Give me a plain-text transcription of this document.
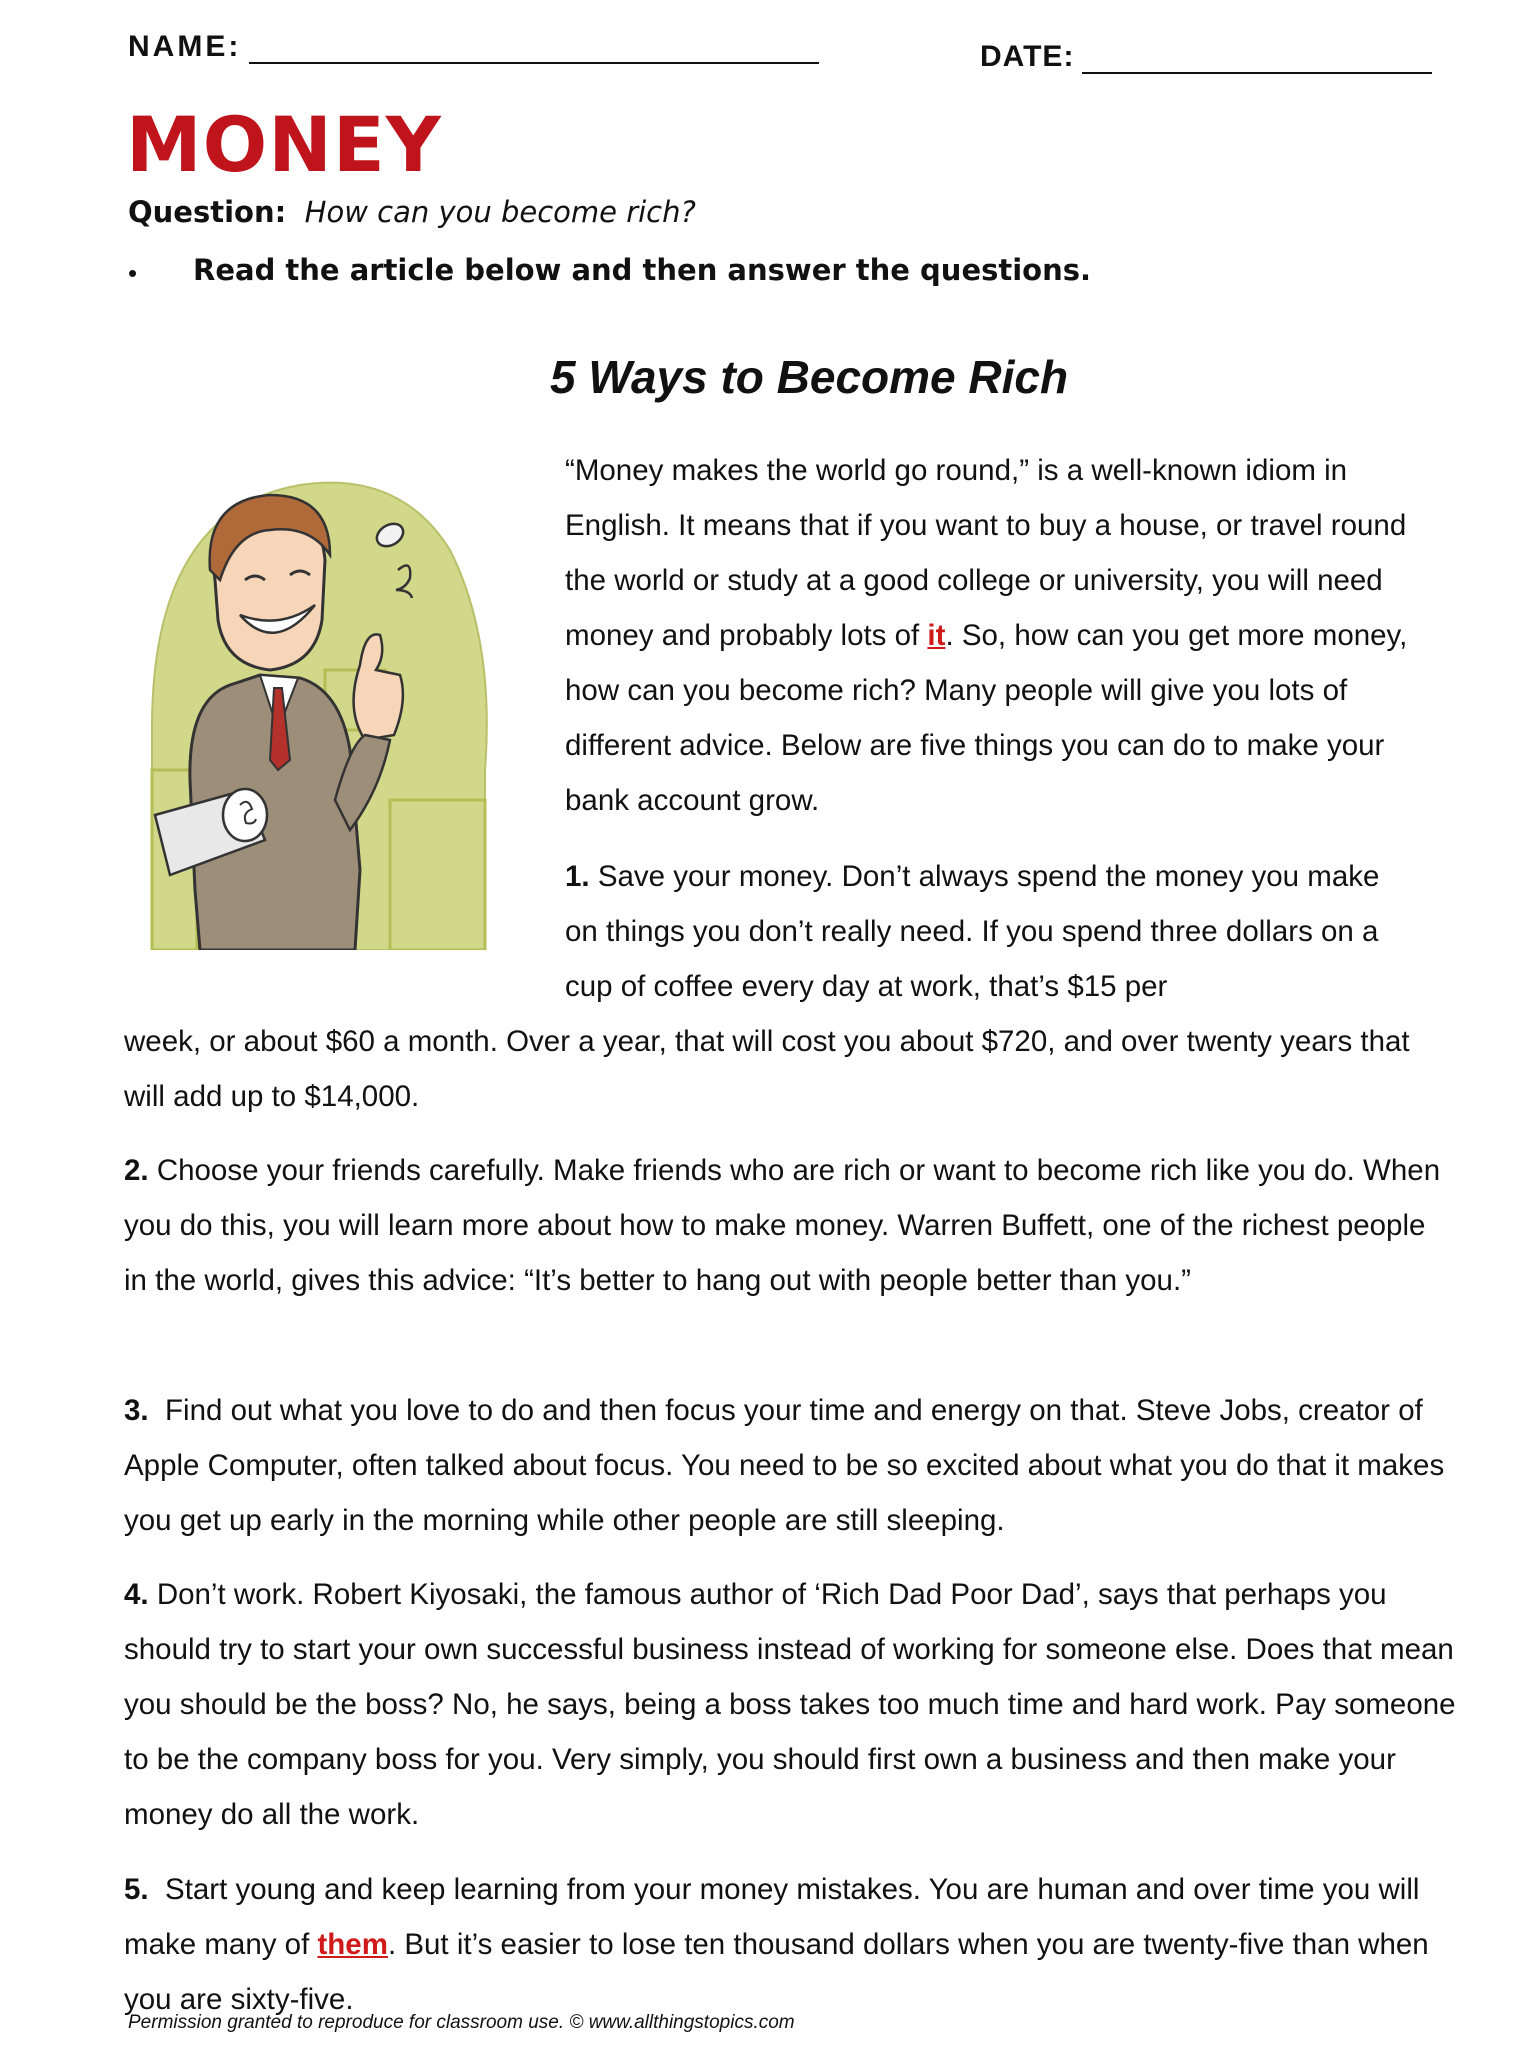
NAME:	DATE:
MONEY
Question: How can you become rich?
• Read the article below and then answer the questions.
5 Ways to Become Rich

“Money makes the world go round,” is a well-known idiom in English. It means that if you want to buy a house, or travel round the world or study at a good college or university, you will need money and probably lots of it. So, how can you get more money, how can you become rich? Many people will give you lots of different advice. Below are five things you can do to make your bank account grow.

1. Save your money. Don’t always spend the money you make on things you don’t really need. If you spend three dollars on a cup of coffee every day at work, that’s $15 per

week, or about $60 a month. Over a year, that will cost you about $720, and over twenty years that will add up to $14,000.

2. Choose your friends carefully. Make friends who are rich or want to become rich like you do. When you do this, you will learn more about how to make money. Warren Buffett, one of the richest people in the world, gives this advice: “It’s better to hang out with people better than you.”

3. Find out what you love to do and then focus your time and energy on that. Steve Jobs, creator of Apple Computer, often talked about focus. You need to be so excited about what you do that it makes you get up early in the morning while other people are still sleeping.

4. Don’t work. Robert Kiyosaki, the famous author of ‘Rich Dad Poor Dad’, says that perhaps you should try to start your own successful business instead of working for someone else. Does that mean you should be the boss? No, he says, being a boss takes too much time and hard work. Pay someone to be the company boss for you. Very simply, you should first own a business and then make your money do all the work.

5. Start young and keep learning from your money mistakes. You are human and over time you will make many of them. But it’s easier to lose ten thousand dollars when you are twenty-five than when you are sixty-five.

Permission granted to reproduce for classroom use. © www.allthingstopics.com
